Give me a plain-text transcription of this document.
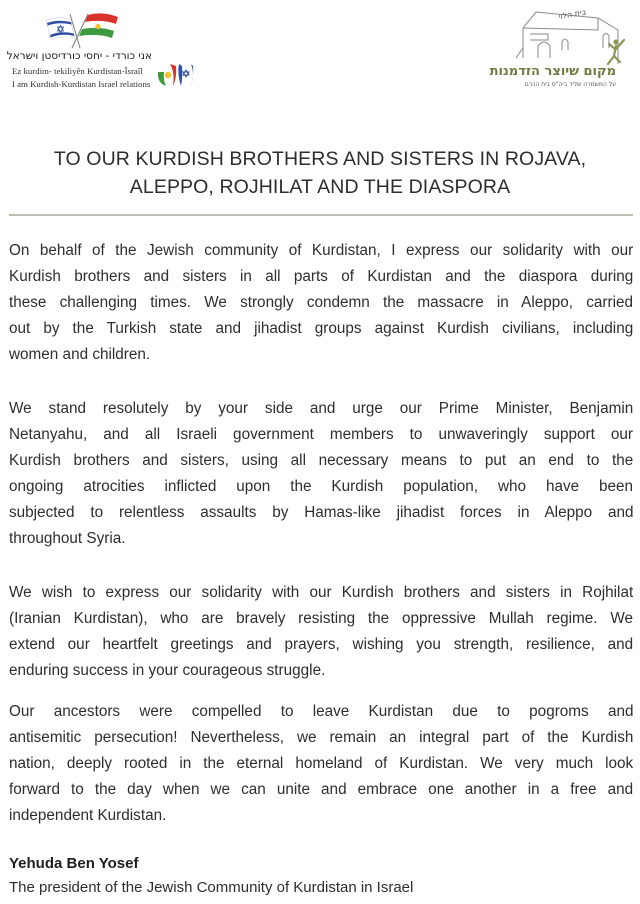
אני כורדי - יחסי כורדיסטן וישראל
Ez kurdim- tekiliyên Kurdistan-Îsraîl
I am Kurdish-Kurdistan Israel relations
בית הלוי
מקום שיוצר הזדמנות
על המשמרה שליד ביה"ס בית הכרם
TO OUR KURDISH BROTHERS AND SISTERS IN ROJAVA,
ALEPPO, ROJHILAT AND THE DIASPORA
On behalf of the Jewish community of Kurdistan, I express our solidarity with our
Kurdish brothers and sisters in all parts of Kurdistan and the diaspora during
these challenging times. We strongly condemn the massacre in Aleppo, carried
out by the Turkish state and jihadist groups against Kurdish civilians, including
women and children.
We stand resolutely by your side and urge our Prime Minister, Benjamin
Netanyahu, and all Israeli government members to unwaveringly support our
Kurdish brothers and sisters, using all necessary means to put an end to the
ongoing atrocities inflicted upon the Kurdish population, who have been
subjected to relentless assaults by Hamas-like jihadist forces in Aleppo and
throughout Syria.
We wish to express our solidarity with our Kurdish brothers and sisters in Rojhilat
(Iranian Kurdistan), who are bravely resisting the oppressive Mullah regime. We
extend our heartfelt greetings and prayers, wishing you strength, resilience, and
enduring success in your courageous struggle.
Our ancestors were compelled to leave Kurdistan due to pogroms and
antisemitic persecution! Nevertheless, we remain an integral part of the Kurdish
nation, deeply rooted in the eternal homeland of Kurdistan. We very much look
forward to the day when we can unite and embrace one another in a free and
independent Kurdistan.
Yehuda Ben Yosef
The president of the Jewish Community of Kurdistan in Israel
